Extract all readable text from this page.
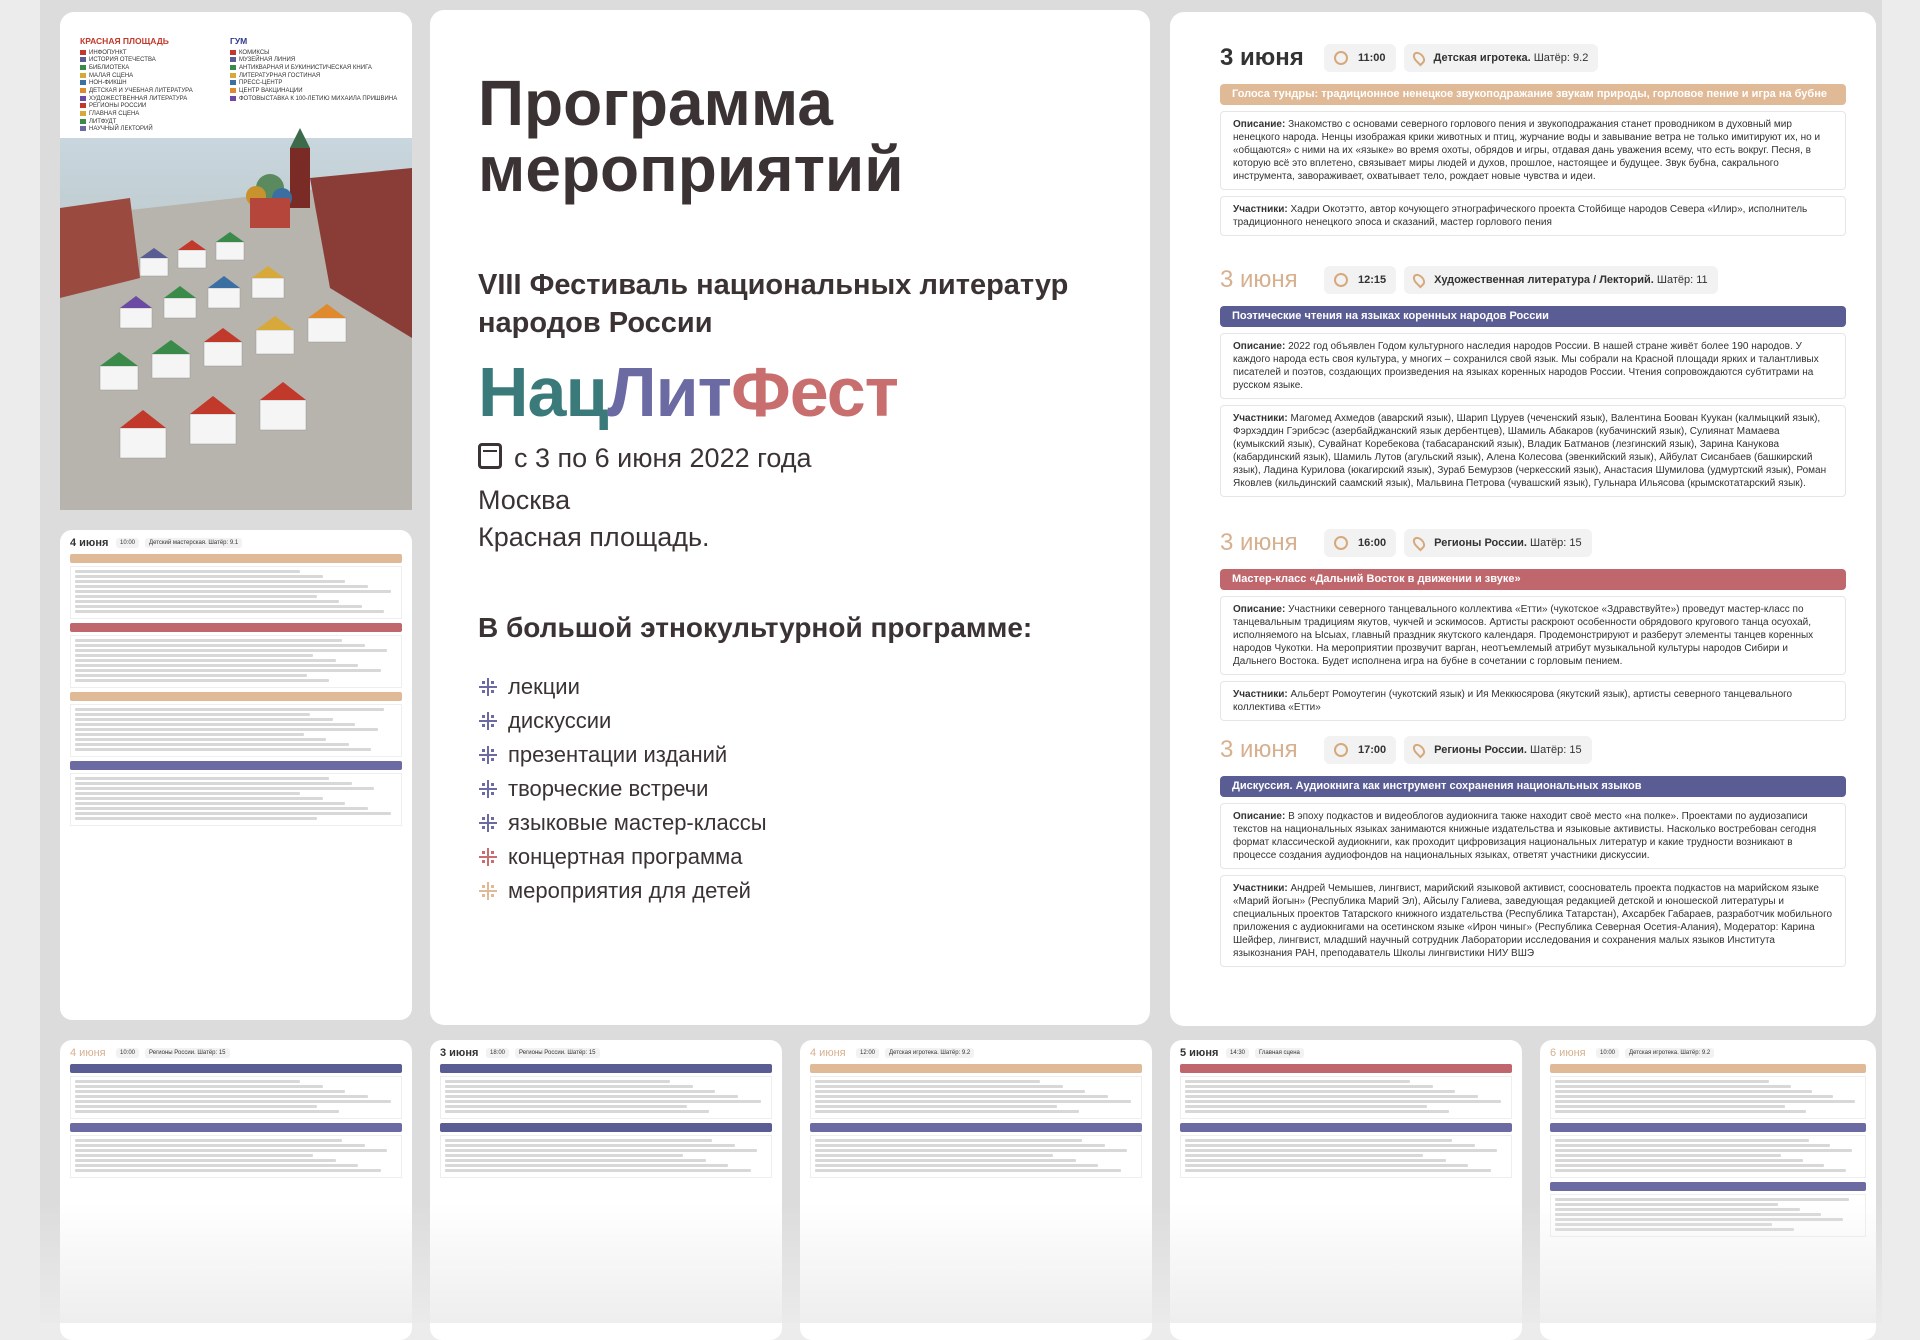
КРАСНАЯ ПЛОЩАДЬ
ИНФОПУНКТ
ИСТОРИЯ ОТЕЧЕСТВА
БИБЛИОТЕКА
МАЛАЯ СЦЕНА
НОН-ФИКШН
ДЕТСКАЯ И УЧЕБНАЯ ЛИТЕРАТУРА
ХУДОЖЕСТВЕННАЯ ЛИТЕРАТУРА
РЕГИОНЫ РОССИИ
ГЛАВНАЯ СЦЕНА
ЛИТФУДТ
НАУЧНЫЙ ЛЕКТОРИЙ
ГУМ
КОМИКСЫ
МУЗЕЙНАЯ ЛИНИЯ
АНТИКВАРНАЯ И БУКИНИСТИЧЕСКАЯ КНИГА
ЛИТЕРАТУРНАЯ ГОСТИНАЯ
ПРЕСС-ЦЕНТР
ЦЕНТР ВАКЦИНАЦИИ
ФОТОВЫСТАВКА К 100-ЛЕТИЮ МИХАИЛА ПРИШВИНА Программа мероприятий
VIII Фестиваль национальных литератур народов России
НацЛитФест
с 3 по 6 июня 2022 года
Москва
Красная площадь.
В большой этнокультурной программе:
лекции
дискуссии
презентации изданий
творческие встречи
языковые мастер-классы
концертная программа
мероприятия для детей
3 июня	11:00	Детская игротека.
Шатёр: 9.2
Голоса тундры: традиционное ненецкое звукоподражание звукам природы, горловое пение и игра на бубне
Описание: Знакомство с основами северного горлового пения и звукоподражания станет проводником в духовный мир ненецкого народа. Ненцы изображая крики животных и птиц, журчание воды и завывание ветра не только имитируют их, но и «общаются» с ними на их «языке» во время охоты, обрядов и игры, отдавая дань уважения всему, что есть вокруг. Песня, в которую всё это вплетено, связывает миры людей и духов, прошлое, настоящее и будущее. Звук бубна, сакрального инструмента, завораживает, охватывает тело, рождает новые чувства и идеи.
Участники: Хадри Окотэтто, автор кочующего этнографического проекта Стойбище народов Севера «Илир», исполнитель традиционного ненецкого эпоса и сказаний, мастер горлового пения
3 июня	12:15	Художественная литература / Лекторий.
Шатёр: 11
Поэтические чтения на языках коренных народов России
Описание: 2022 год объявлен Годом культурного наследия народов России. В нашей стране живёт более 190 народов. У каждого народа есть своя культура, у многих – сохранился свой язык. Мы собрали на Красной площади ярких и талантливых писателей и поэтов, создающих произведения на языках коренных народов России. Чтения сопровождаются субтитрами на русском языке.
Участники: Магомед Ахмедов (аварский язык), Шарип Цуруев (чеченский язык), Валентина Боован Куукан (калмыцкий язык), Фэрхэддин Гэрибсэс (азербайджанский язык дербентцев), Шамиль Абакаров (кубачинский язык), Сулиянат Мамаева (кумыкский язык), Сувайнат Коребекова (табасаранский язык), Владик Батманов (лезгинский язык), Зарина Канукова (кабардинский язык), Шамиль Лутов (агульский язык), Алена Колесова (эвенкийский язык), Айбулат Сисанбаев (башкирский язык), Ладина Курилова (юкагирский язык), Зураб Бемурзов (черкесский язык), Анастасия Шумилова (удмуртский язык), Роман Яковлев (кильдинский саамский язык), Мальвина Петрова (чувашский язык), Гульнара Ильясова (крымскотатарский язык).
3 июня	16:00	Регионы России.
Шатёр: 15
Мастер-класс «Дальний Восток в движении и звуке»
Описание: Участники северного танцевального коллектива «Етти» (чукотское «Здравствуйте») проведут мастер-класс по танцевальным традициям якутов, чукчей и эскимосов. Артисты раскроют особенности обрядового кругового танца осуохай, исполняемого на Ысыах, главный праздник якутского календаря. Продемонстрируют и разберут элементы танцев коренных народов Чукотки. На мероприятии прозвучит варган, неотъемлемый атрибут музыкальной культуры народов Сибири и Дальнего Востока. Будет исполнена игра на бубне в сочетании с горловым пением.
Участники: Альберт Ромоутегин (чукотский язык) и Ия Меккюсярова (якутский язык), артисты северного танцевального коллектива «Етти»
3 июня	17:00	Регионы России.
Шатёр: 15
Дискуссия. Аудиокнига как инструмент сохранения национальных языков
Описание: В эпоху подкастов и видеоблогов аудиокнига также находит своё место «на полке». Проектами по аудиозаписи текстов на национальных языках занимаются книжные издательства и языковые активисты. Насколько востребован сегодня формат классической аудиокниги, как проходит цифровизация национальных литератур и какие трудности возникают в процессе создания аудиофондов на национальных языках, ответят участники дискуссии.
Участники: Андрей Чемышев, лингвист, марийский языковой активист, сооснователь проекта подкастов на марийском языке «Марий йогын» (Республика Марий Эл), Айсылу Галиева, заведующая редакцией детской и юношеской литературы и специальных проектов Татарского книжного издательства (Республика Татарстан), Ахсарбек Габараев, разработчик мобильного приложения с аудиокнигами на осетинском языке «Ирон чиныг» (Республика Северная Осетия-Алания), Модератор: Карина Шейфер, лингвист, младший научный сотрудник Лаборатории исследования и сохранения малых языков Института языкознания РАН, преподаватель Школы лингвистики НИУ ВШЭ
4 июня	10:00	Детский мастерская. Шатёр: 9.1
4 июня	10:00	Регионы России. Шатёр: 15	3 июня	18:00	Регионы России. Шатёр: 15	4 июня	12:00	Детская игротека. Шатёр: 9.2	5 июня	14:30	Главная сцена	6 июня	10:00	Детская игротека. Шатёр: 9.2
